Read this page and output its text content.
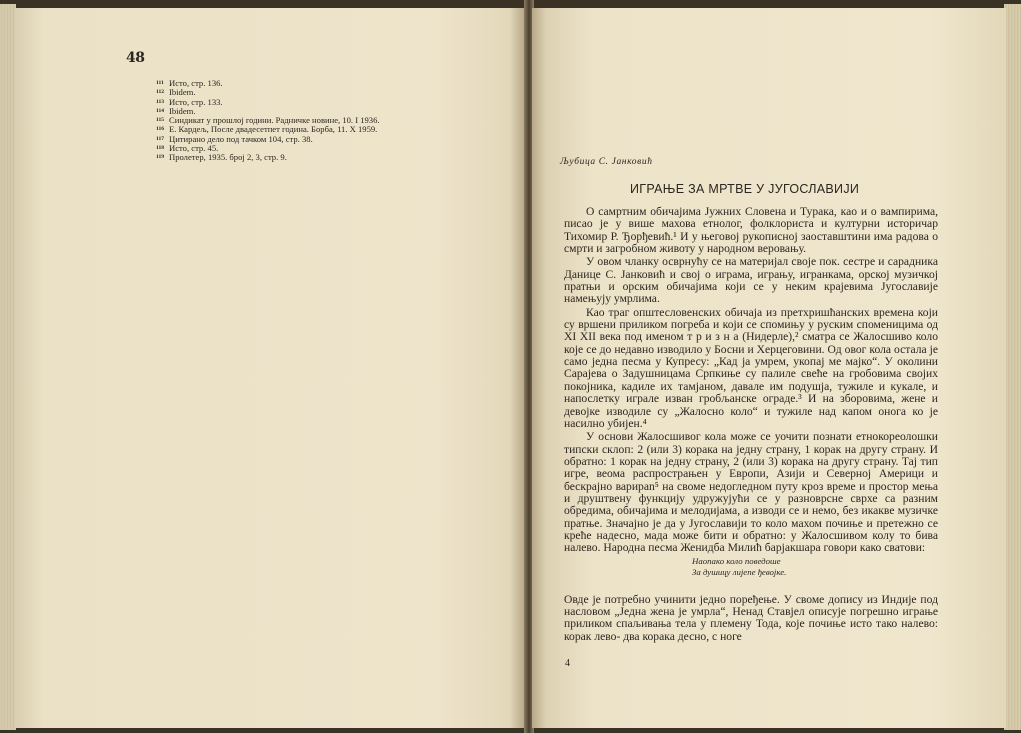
48
111 Исто, стр. 136.
112 Ibidem.
113 Исто, стр. 133.
114 Ibidem.
115 Синдикат у прошлој години. Радничке новине, 10. I 1936.
116 Е. Кардељ, После двадесетпет година. Борба, 11. X 1959.
117 Цитирано дело под тачком 104, стр. 38.
118 Исто, стр. 45.
119 Пролетер, 1935. број 2, 3, стр. 9.	Љубица С. Јанковић
ИГРАЊЕ ЗА МРТВЕ У ЈУГОСЛАВИЈИ
О самртним обичајима Јужних Словена и Турака, као и о вампирима, писао је у више махова етнолог, фолклориста и културни историчар Тихомир Р. Ђорђевић.¹ И у његовој рукописној заоставштини има радова о смрти и загробном животу у народном веровању.
У овом чланку осврнућу се на материјал своје пок. сестре и сарадника Данице С. Јанковић и свој о играма, игрању, игранкама, орској музичкој пратњи и орским обичајима који се у неким крајевима Југославије намењују умрлима.
Као траг општесловенских обичаја из претхришћанских времена који су вршени приликом погреба и који се спомињу у руским споменицима од XI XII века под именом т р и з н а (Нидерле),² сматра се Жалосшиво коло које се до недавно изводило у Босни и Херцеговини. Од овог кола остала је само једна песма у Купресу: „Кад ја умрем, укопај ме мајко“. У околини Сарајева о Задушницама Српкиње су палиле свеће на гробовима својих покојника, кадиле их тамјаном, давале им подушја, тужиле и кукале, и напослетку играле изван гробљанске ограде.³ И на зборовима, жене и девојке изводиле су „Жалосно коло“ и тужиле над капом онога ко је насилно убијен.⁴
У основи Жалосшивог кола може се уочити познати етнокореолошки типски склоп: 2 (или 3) корака на једну страну, 1 корак на другу страну. И обратно: 1 корак на једну страну, 2 (или 3) корака на другу страну. Тај тип игре, веома распрострањен у Европи, Азији и Северној Америци и бескрајно варирan⁵ на своме недогледном путу кроз време и простор мења и друштвену функцију удружујући се у разноврсне сврхе са разним обредима, обичајима и мелодијама, а изводи се и немо, без икакве музичке пратње. Значајно је да у Југославији то коло махом почиње и претежно се креће надесно, мада може бити и обратно: у Жалосшивом колу то бива налево. Народна песма Женидба Милић барјакшара говори како сватови:
Наопако коло поведоше
За душицу лијепе ђевојке.
Овде је потребно учинити једно поређење. У своме допису из Индије под насловом „Једна жена је умрла“, Ненад Ставјел описује погрешно играње приликом спаљивања тела у племену Тода, које почиње исто тако налево: корак лево- два корака десно, с ноге
4
